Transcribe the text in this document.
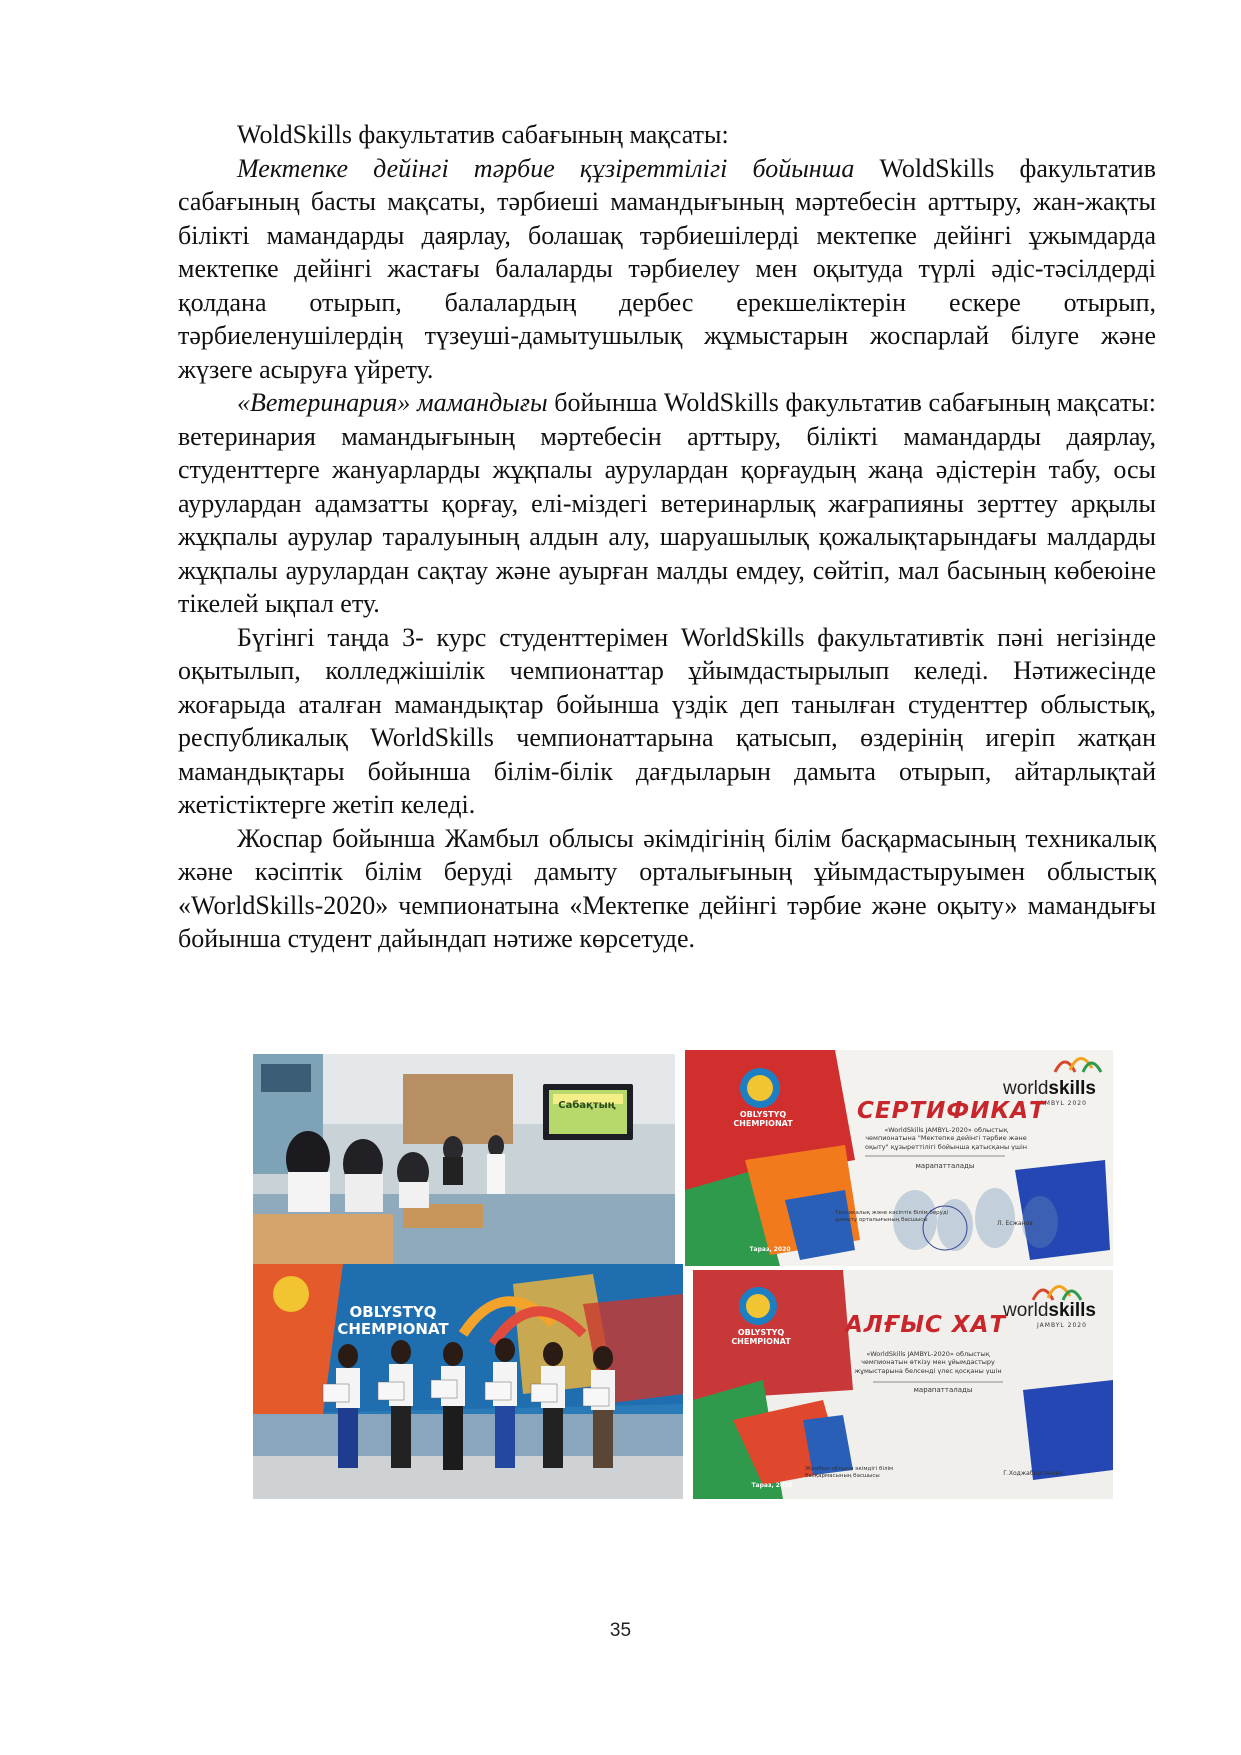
WoldSkills факультатив сабағының мақсаты:

Мектепке дейінгі тәрбие құзіреттілігі бойынша WoldSkills факультатив сабағының басты мақсаты, тәрбиеші мамандығының мәртебесін арттыру, жан-жақты білікті мамандарды даярлау, болашақ тәрбиешілерді мектепке дейінгі ұжымдарда мектепке дейінгі жастағы балаларды тәрбиелеу мен оқытуда түрлі әдіс-тәсілдерді қолдана отырып, балалардың дербес ерекшеліктерін ескере отырып, тәрбиеленушілердің түзеуші-дамытушылық жұмыстарын жоспарлай білуге және жүзеге асыруға үйрету.

«Ветеринария» мамандығы бойынша WoldSkills факультатив сабағының мақсаты: ветеринария мамандығының мәртебесін арттыру, білікті мамандарды даярлау, студенттерге жануарларды жұқпалы аурулардан қорғаудың жаңа әдістерін табу, осы аурулардан адамзатты қорғау, елі-міздегі ветеринарлық жағрапияны зерттеу арқылы жұқпалы аурулар таралуының алдын алу, шаруашылық қожалықтарындағы малдарды жұқпалы аурулардан сақтау және ауырған малды емдеу, сөйтіп, мал басының көбеюіне тікелей ықпал ету.

Бүгінгі таңда 3- курс студенттерімен WorldSkills факультативтік пәні негізінде оқытылып, колледжішілік чемпионаттар ұйымдастырылып келеді. Нәтижесінде жоғарыда аталған мамандықтар бойынша үздік деп танылған студенттер облыстық, республикалық WorldSkills чемпионаттарына қатысып, өздерінің игеріп жатқан мамандықтары бойынша білім-білік дағдыларын дамыта отырып, айтарлықтай жетістіктерге жетіп келеді.

Жоспар бойынша Жамбыл облысы әкімдігінің білім басқармасының техникалық және кәсіптік білім беруді дамыту орталығының ұйымдастыруымен облыстық «WorldSkills-2020» чемпионатына «Мектепке дейінгі тәрбие және оқыту» мамандығы бойынша студент дайындап нәтиже көрсетуде.

Сабақтың
OBLYSTYQ
CHEMPIONAT
worldskills
JAMBYL 2020
СЕРТИФИКАТ
«WorldSkills JAMBYL-2020» облыстық чемпионатына "Мектепке дейінгі тәрбие және оқыту" құзыреттілігі бойынша қатысқаны үшін
марапатталады
Техникалық және кәсіптік білім беруді дамыту орталығының басшысы	Л. Есжанов
Тараз, 2020
OBLYSTYQ
CHEMPIONAT	OBLYSTYQ
CHEMPIONAT
worldskills
JAMBYL 2020
АЛҒЫС ХАТ
«WorldSkills JAMBYL-2020» облыстық чемпионатын өткізу мен ұйымдастыру жұмыстарына белсенді үлес қосқаны үшін
марапатталады
Жамбыл облысы әкімдігі білім басқармасының басшысы	Г.Ходжабергенова
Тараз, 2020
35
